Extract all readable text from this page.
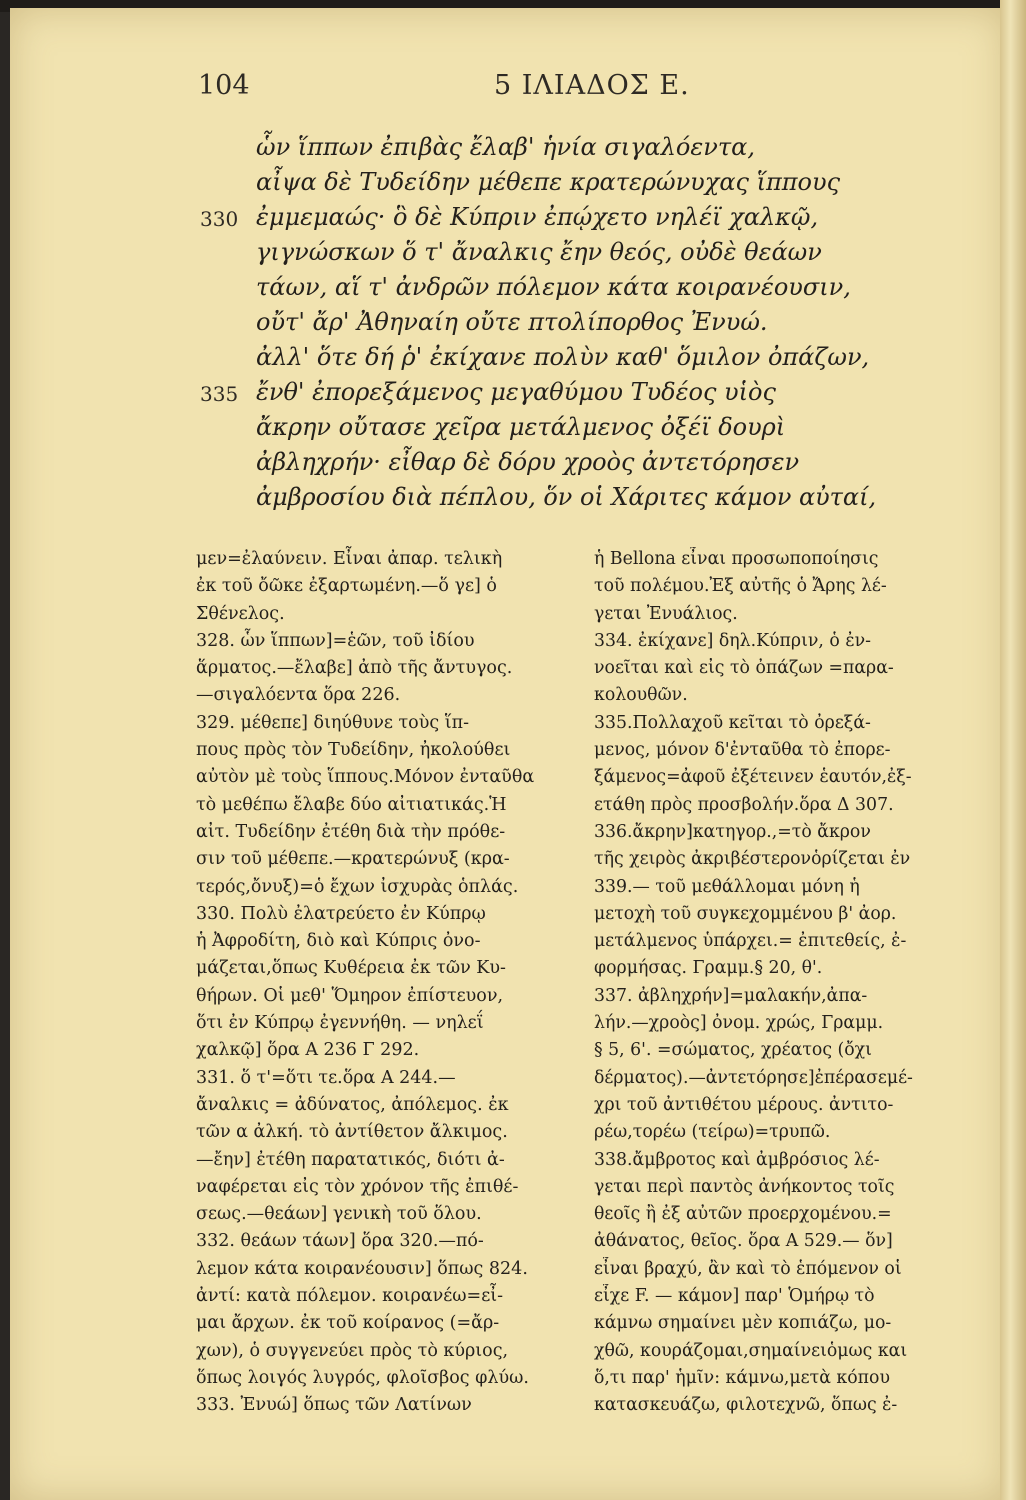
104	5 ΙΛΙΑΔΟΣ Ε.
ὧν ἵππων ἐπιβὰς ἔλαβ' ἡνία σιγαλόεντα,
αἶψα δὲ Τυδείδην μέθεπε κρατερώνυχας ἵππους
ἐμμεμαώς· ὃ δὲ Κύπριν ἐπῴχετο νηλέϊ χαλκῷ,
γιγνώσκων ὅ τ' ἄναλκις ἔην θεός, οὐδὲ θεάων
τάων, αἵ τ' ἀνδρῶν πόλεμον κάτα κοιρανέουσιν,
οὔτ' ἄρ' Ἀθηναίη οὔτε πτολίπορθος Ἐνυώ.
ἀλλ' ὅτε δή ῥ' ἐκίχανε πολὺν καθ' ὅμιλον ὀπάζων,
ἔνθ' ἐπορεξάμενος μεγαθύμου Τυδέος υἱὸς
ἄκρην οὔτασε χεῖρα μετάλμενος ὀξέϊ δουρὶ
ἀβληχρήν· εἶθαρ δὲ δόρυ χροὸς ἀντετόρησεν
ἀμβροσίου διὰ πέπλου, ὅν οἱ Χάριτες κάμον αὐταί,
330
335
μεν=ἐλαύνειν. Εἶναι ἀπαρ. τελικὴ
ἐκ τοῦ ὄῶκε ἐξαρτωμένη.—ὅ γε] ὁ
Σθένελος.
328. ὧν ἵππων]=ἑῶν, τοῦ ἰδίου
ἅρματος.—ἔλαβε] ἀπὸ τῆς ἄντυγος.
—σιγαλόεντα ὅρα 226.
329. μέθεπε] διηύθυνε τοὺς ἵπ-
πους πρὸς τὸν Τυδείδην, ἠκολούθει
αὐτὸν μὲ τοὺς ἵππους.Μόνον ἐνταῦθα
τὸ μεθέπω ἔλαβε δύο αἰτιατικάς.Ἡ
αἰτ. Τυδείδην ἐτέθη διὰ τὴν πρόθε-
σιν τοῦ μέθεπε.—κρατερώνυξ (κρα-
τερός,ὄνυξ)=ὁ ἔχων ἰσχυρὰς ὁπλάς.
330. Πολὺ ἐλατρεύετο ἐν Κύπρῳ
ἡ Ἀφροδίτη, διὸ καὶ Κύπρις ὀνο-
μάζεται,ὅπως Κυθέρεια ἐκ τῶν Κυ-
θήρων. Οἱ μεθ' Ὅμηρον ἐπίστευον,
ὅτι ἐν Κύπρῳ ἐγεννήθη. — νηλεΐ
χαλκῷ] ὅρα Α 236 Γ 292.
331. ὅ τ'=ὅτι τε.ὅρα Α 244.—
ἄναλκις = ἀδύνατος, ἀπόλεμος. ἐκ
τῶν α ἀλκή. τὸ ἀντίθετον ἄλκιμος.
—ἔην] ἐτέθη παρατατικός, διότι ἀ-
ναφέρεται εἰς τὸν χρόνον τῆς ἐπιθέ-
σεως.—θεάων] γενικὴ τοῦ ὅλου.
332. θεάων τάων] ὅρα 320.—πό-
λεμον κάτα κοιρανέουσιν] ὅπως 824.
ἀντί: κατὰ πόλεμον. κοιρανέω=εἶ-
μαι ἄρχων. ἐκ τοῦ κοίρανος (=ἄρ-
χων), ὁ συγγενεύει πρὸς τὸ κύριος,
ὅπως λοιγός λυγρός, φλοῖσβος φλύω.
333. Ἐνυώ] ὅπως τῶν Λατίνων
ἡ Bellona εἶναι προσωποποίησις
τοῦ πολέμου.Ἐξ αὐτῆς ὁ Ἄρης λέ-
γεται Ἐνυάλιος.
334. ἐκίχανε] δηλ.Κύπριν, ὁ ἐν-
νοεῖται καὶ εἰς τὸ ὀπάζων =παρα-
κολουθῶν.
335.Πολλαχοῦ κεῖται τὸ ὀρεξά-
μενος, μόνον δ'ἐνταῦθα τὸ ἐπορε-
ξάμενος=ἀφοῦ ἐξέτεινεν ἑαυτόν,ἐξ-
ετάθη πρὸς προσβολήν.ὅρα Δ 307.
336.ἄκρην]κατηγορ.,=τὸ ἄκρον
τῆς χειρὸς ἀκριβέστερονὁρίζεται ἐν
339.— τοῦ μεθάλλομαι μόνη ἡ
μετοχὴ τοῦ συγκεχομμένου β' ἀορ.
μετάλμενος ὑπάρχει.= ἐπιτεθείς, ἐ-
φορμήσας. Γραμμ.§ 20, θ'.
337. ἀβληχρήν]=μαλακήν,ἀπα-
λήν.—χροὸς] ὀνομ. χρώς, Γραμμ.
§ 5, 6'. =σώματος, χρέατος (ὄχι
δέρματος).—ἀντετόρησε]ἐπέρασεμέ-
χρι τοῦ ἀντιθέτου μέρους. ἀντιτο-
ρέω,τορέω (τείρω)=τρυπῶ.
338.ἄμβροτος καὶ ἀμβρόσιος λέ-
γεται περὶ παντὸς ἀνήκοντος τοῖς
θεοῖς ἢ ἐξ αὐτῶν προερχομένου.=
ἀθάνατος, θεῖος. ὅρα Α 529.— ὅν]
εἶναι βραχύ, ἂν καὶ τὸ ἑπόμενον οἱ
εἶχε F. — κάμον] παρ' Ὁμήρῳ τὸ
κάμνω σημαίνει μὲν κοπιάζω, μο-
χθῶ, κουράζομαι,σημαίνειὁμως και
ὅ,τι παρ' ἡμῖν: κάμνω,μετὰ κόπου
κατασκευάζω, φιλοτεχνῶ, ὅπως ἐ-
